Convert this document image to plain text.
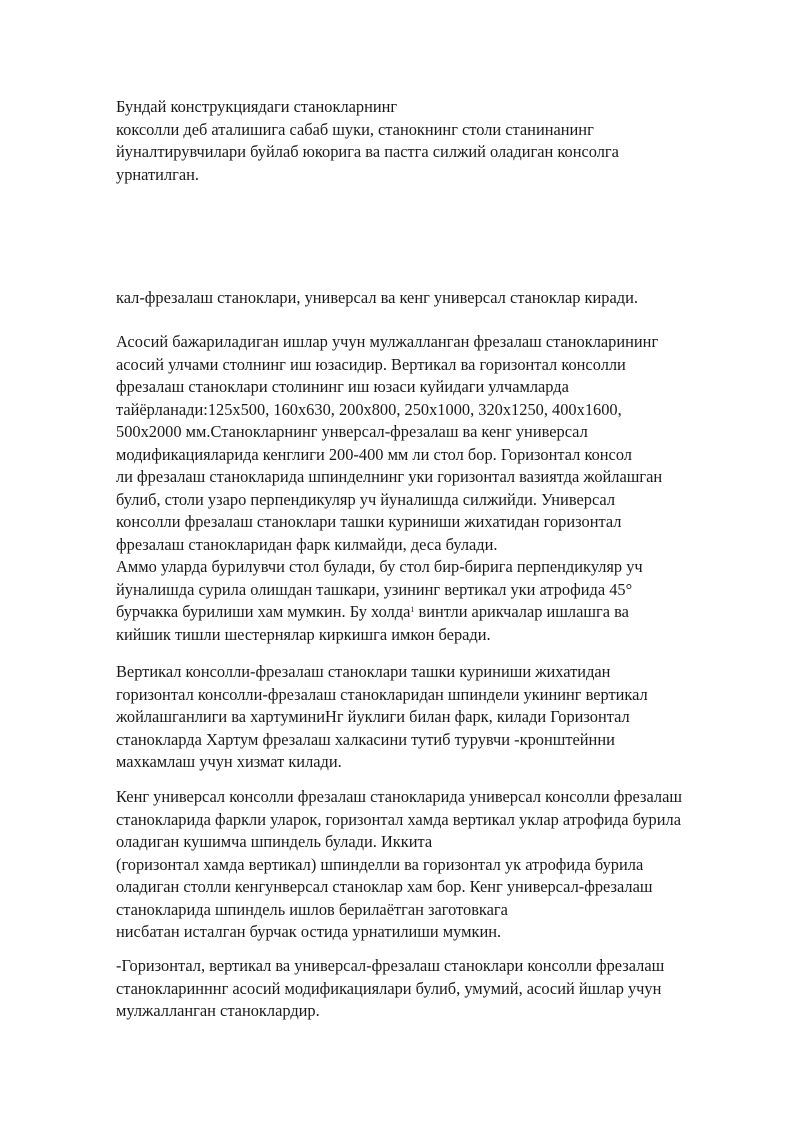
Бундай конструкциядаги станокларнинг
коксолли деб аталишига сабаб шуки, станокнинг столи станинанинг
йуналтирувчилари буйлаб юкорига ва пастга силжий оладиган консолга
урнатилган.
кал-фрезалаш станоклари, универсал ва кенг универсал станоклар киради.
Асосий бажариладиган ишлар учун мулжалланган фрезалаш станокларининг
асосий улчами столнинг иш юзасидир. Вертикал ва горизонтал консолли
фрезалаш станоклари столининг иш юзаси куйидаги улчамларда
тайёрланади:125х500, 160х630, 200х800, 250х1000, 320х1250, 400х1600,
500х2000 мм.Станокларнинг унверсал-фрезалаш ва кенг универсал
модификацияларида кенглиги 200-400 мм ли стол бор. Горизонтал консол
ли фрезалаш станокларида шпинделнинг уки горизонтал вазиятда жойлашган
булиб, столи узаро перпендикуляр уч йуналишда силжийди. Универсал
консолли фрезалаш станоклари ташки куриниши жихатидан горизонтал
фрезалаш станокларидан фарк килмайди, деса булади.
Аммо уларда бурилувчи стол булади, бу стол бир-бирига перпендикуляр уч
йуналишда сурила олишдан ташкари, узининг вертикал уки атрофида 45°
бурчакка бурилиши хам мумкин. Бу холда$^1$ винтли арикчалар ишлашга ва
кийшик тишли шестернялар киркишга имкон беради.
Вертикал консолли-фрезалаш станоклари ташки куриниши жихатидан
горизонтал консолли-фрезалаш станокларидан шпиндели укининг вертикал
жойлашганлиги ва хартуминиНг йуклиги билан фарк, килади Горизонтал
станокларда Хартум фрезалаш халкасини тутиб турувчи -кронштейнни
махкамлаш учун хизмат килади.
Кенг универсал консолли фрезалаш станокларида универсал консолли фрезалаш
станокларида фаркли уларок, горизонтал хамда вертикал уклар атрофида бурила
оладиган кушимча шпиндель булади. Иккита
(горизонтал хамда вертикал) шпинделли ва горизонтал ук атрофида бурила
оладиган столли кенгунверсал станоклар хам бор. Кенг универсал-фрезалаш
станокларида шпиндель ишлов берилаётган заготовкага
нисбатан исталган бурчак остида урнатилиши мумкин.
-Горизонтал, вертикал ва универсал-фрезалаш станоклари консолли фрезалаш
станокларинннг асосий модификациялари булиб, умумий, асосий йшлар учун
мулжалланган станоклардир.
